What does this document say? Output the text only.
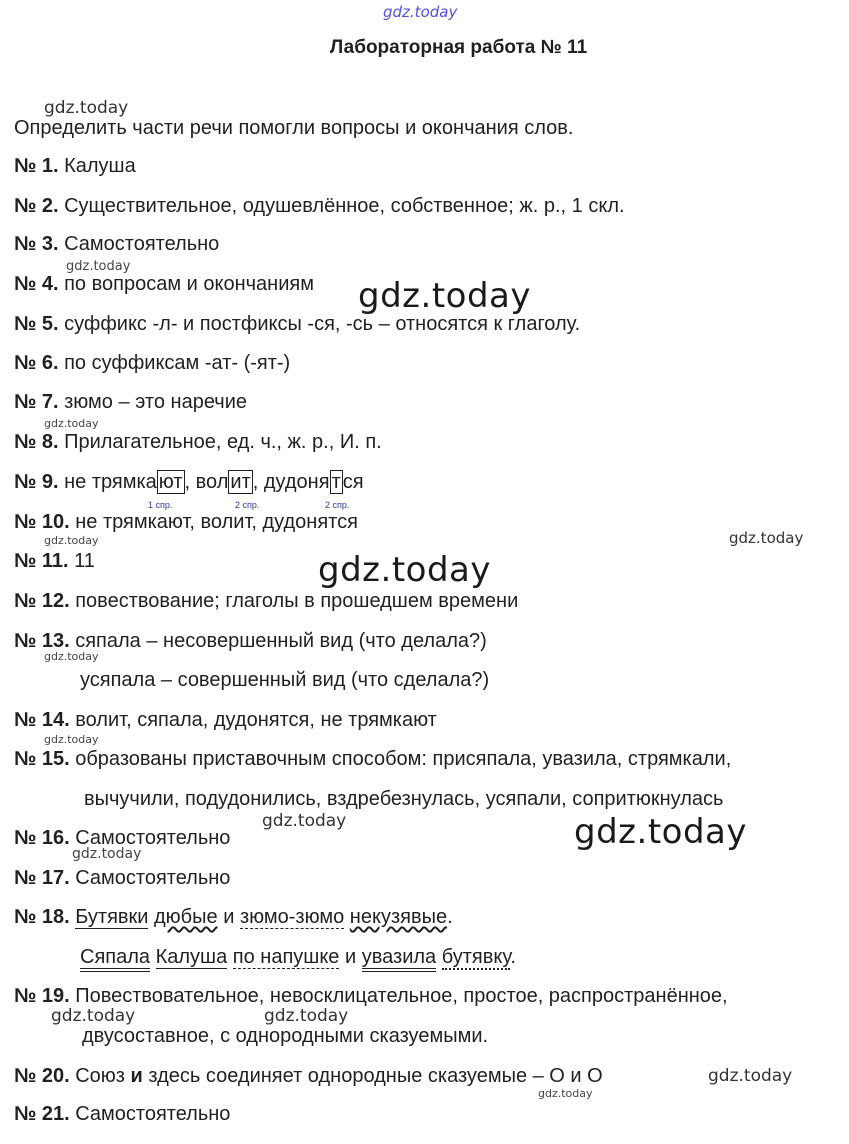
gdz.today
gdz.today
gdz.today
gdz.today
gdz.today
gdz.today	gdz.today
gdz.today
gdz.today
gdz.today
gdz.today	gdz.today
gdz.today
gdz.today	gdz.today
gdz.today
gdz.today
Лабораторная работа № 11
Определить части речи помогли вопросы и окончания слов.
№ 1. Калуша
№ 2. Существительное, одушевлённое, собственное; ж. р., 1 скл.
№ 3. Самостоятельно
№ 4. по вопросам и окончаниям
№ 5. суффикс -л- и постфиксы -ся, -сь – относятся к глаголу.
№ 6. по суффиксам -ат- (-ят-)
№ 7. зюмо – это наречие
№ 8. Прилагательное, ед. ч., ж. р., И. п.
№ 9. не трямка ют , вол ит , дудоня т ся
1 спр.	2 спр.	2 спр.
№ 10. не трямкают, волит, дудонятся
№ 11. 11
№ 12. повествование; глаголы в прошедшем времени
№ 13. сяпала – несовершенный вид (что делала?)
усяпала – совершенный вид (что сделала?)
№ 14. волит, сяпала, дудонятся, не трямкают
№ 15. образованы приставочным способом: присяпала, увазила, стрямкали,
вычучили, подудонились, вздребезнулась, усяпали, сопритюкнулась
№ 16. Самостоятельно
№ 17. Самостоятельно
№ 18. Бутявки дюбые и зюмо-зюмо некузявые.
Сяпала Калуша по напушке и увазила бутявку.
№ 19. Повествовательное, невосклицательное, простое, распространённое,
двусоставное, с однородными сказуемыми.
№ 20. Союз и здесь соединяет однородные сказуемые – О и О
№ 21. Самостоятельно
